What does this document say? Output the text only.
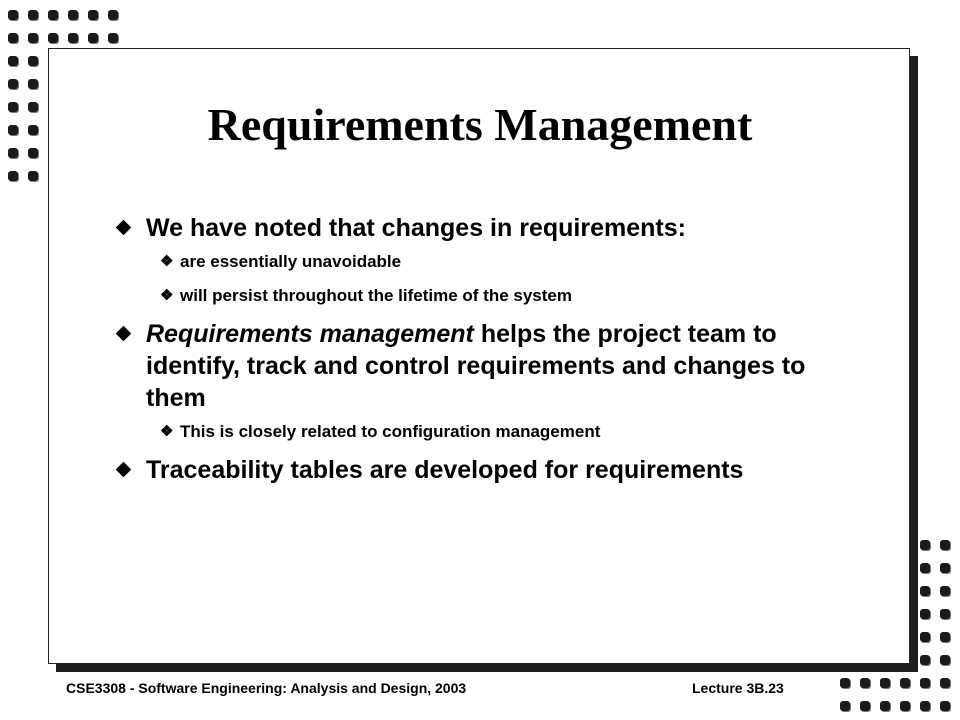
Requirements Management
We have noted that changes in requirements:
❖ are essentially unavoidable
❖ will persist throughout the lifetime of the system
Requirements management helps the project team to identify, track and control requirements and changes to them
❖ This is closely related to configuration management
Traceability tables are developed for requirements
CSE3308 - Software Engineering: Analysis and Design, 2003	Lecture 3B.23
